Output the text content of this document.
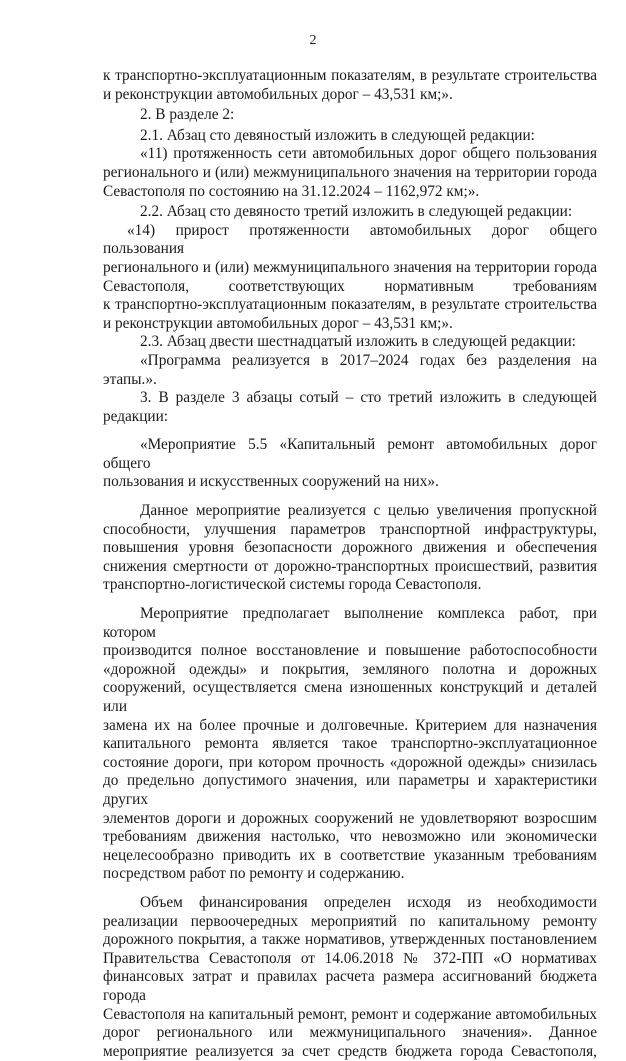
2

к транспортно-эксплуатационным показателям, в результате строительства
и реконструкции автомобильных дорог – 43,531 км;».

2. В разделе 2:

2.1. Абзац сто девяностый изложить в следующей редакции:

«11) протяженность сети автомобильных дорог общего пользования
регионального и (или) межмуниципального значения на территории города
Севастополя по состоянию на 31.12.2024 – 1162,972 км;».

2.2. Абзац сто девяносто третий изложить в следующей редакции:

«14) прирост протяженности автомобильных дорог общего пользования
регионального и (или) межмуниципального значения на территории города
Севастополя, соответствующих нормативным требованиям
к транспортно-эксплуатационным показателям, в результате строительства
и реконструкции автомобильных дорог – 43,531 км;».

2.3. Абзац двести шестнадцатый изложить в следующей редакции:

«Программа реализуется в 2017–2024 годах без разделения на этапы.».

3. В разделе 3 абзацы сотый – сто третий изложить в следующей
редакции:

«Мероприятие 5.5 «Капитальный ремонт автомобильных дорог общего
пользования и искусственных сооружений на них».

Данное мероприятие реализуется с целью увеличения пропускной
способности, улучшения параметров транспортной инфраструктуры,
повышения уровня безопасности дорожного движения и обеспечения
снижения смертности от дорожно-транспортных происшествий, развития
транспортно-логистической системы города Севастополя.

Мероприятие предполагает выполнение комплекса работ, при котором
производится полное восстановление и повышение работоспособности
«дорожной одежды» и покрытия, земляного полотна и дорожных
сооружений, осуществляется смена изношенных конструкций и деталей или
замена их на более прочные и долговечные. Критерием для назначения
капитального ремонта является такое транспортно-эксплуатационное
состояние дороги, при котором прочность «дорожной одежды» снизилась
до предельно допустимого значения, или параметры и характеристики других
элементов дороги и дорожных сооружений не удовлетворяют возросшим
требованиям движения настолько, что невозможно или экономически
нецелесообразно приводить их в соответствие указанным требованиям
посредством работ по ремонту и содержанию.

Объем финансирования определен исходя из необходимости
реализации первоочередных мероприятий по капитальному ремонту
дорожного покрытия, а также нормативов, утвержденных постановлением
Правительства Севастополя от 14.06.2018 № 372-ПП «О нормативах
финансовых затрат и правилах расчета размера ассигнований бюджета города
Севастополя на капитальный ремонт, ремонт и содержание автомобильных
дорог регионального или межмуниципального значения». Данное
мероприятие реализуется за счет средств бюджета города Севастополя,
